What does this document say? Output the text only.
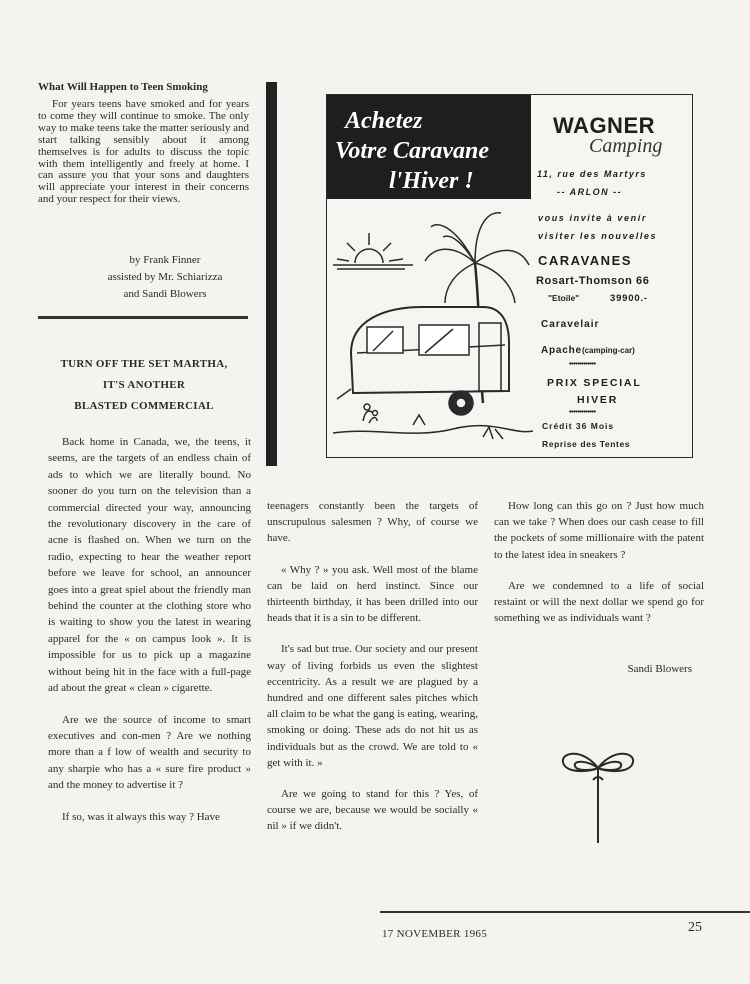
What Will Happen to Teen Smoking

For years teens have smoked and for years to come they will continue to smoke. The only way to make teens take the matter seriously and start talking sensibly about it among themselves is for adults to discuss the topic with them intelligently and freely at home. I can assure you that your sons and daughters will appreciate your interest in their concerns and your respect for their views.

by Frank Finner
assisted by Mr. Schiarizza
and Sandi Blowers
TURN OFF THE SET MARTHA,
IT'S ANOTHER
BLASTED COMMERCIAL

Back home in Canada, we, the teens, it seems, are the targets of an endless chain of ads to which we are literally bound. No sooner do you turn on the television than a commercial directed your way, announcing the revolutionary discovery in the care of acne is flashed on. When we turn on the radio, expecting to hear the weather report before we leave for school, an announcer goes into a great spiel about the friendly man behind the counter at the clothing store who is waiting to show you the latest in wearing apparel for the « on campus look ». It is impossible for us to pick up a magazine without being hit in the face with a full-page ad about the great « clean » cigarette.

Are we the source of income to smart executives and con-men ? Are we nothing more than a f low of wealth and security to any sharpie who has a « sure fire product » and the money to advertise it ?

If so, was it always this way ? Have

teenagers constantly been the targets of unscrupulous salesmen ? Why, of course we have.

« Why ? » you ask. Well most of the blame can be laid on herd instinct. Since our thirteenth birthday, it has been drilled into our heads that it is a sin to be different.

It's sad but true. Our society and our present way of living forbids us even the slightest eccentricity. As a result we are plagued by a hundred and one different sales pitches which all claim to be what the gang is eating, wearing, smoking or doing. These ads do not hit us as individuals but as the crowd. We are told to « get with it. »

Are we going to stand for this ? Yes, of course we are, because we would be socially « nil » if we didn't.

How long can this go on ? Just how much can we take ? When does our cash cease to fill the pockets of some millionaire with the patent to the latest idea in sneakers ?

Are we condemned to a life of social restaint or will the next dollar we spend go for something we as individuals want ?

Sandi Blowers
Achetez
Votre Caravane
l'Hiver !
WAGNER
Camping
11, rue des Martyrs
-- ARLON --
vous invite à venir
visiter les nouvelles
CARAVANES
Rosart-Thomson 66
"Etoile"	39900.-
Caravelair
Apache(camping-car)
•••••••••••••
PRIX SPECIAL
HIVER
•••••••••••••
Crédit 36 Mois
Reprise des Tentes
17 NOVEMBER 1965	25
